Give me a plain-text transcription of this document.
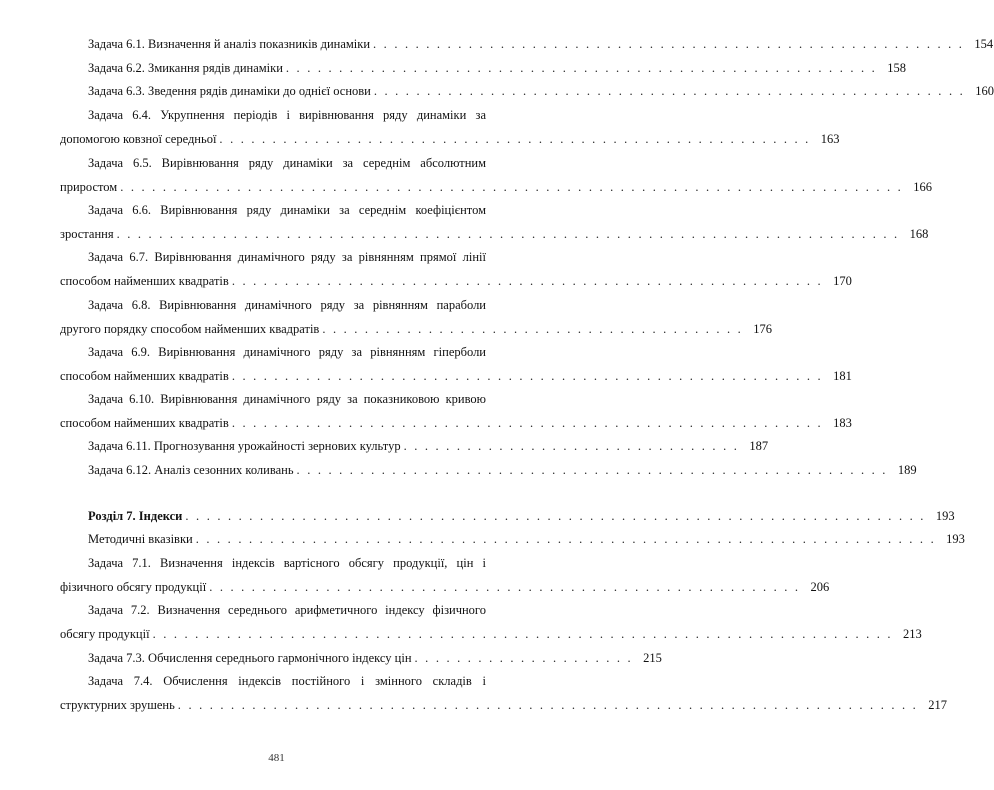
Задача 6.1. Визначення й аналіз показників динаміки . . . . . . . . . . . . . . . . . . . . . . . . . . . . . . . . . . . . . . . . . . . . . . . . . . . . . . . . 154
Задача 6.2. Змикання рядів динаміки . . . . . . . . . . . . . . . . . . . . . . . . . . . . . . . . . . . . . . . . . . . . . . . . . . . . . . . . 158
Задача 6.3. Зведення рядів динаміки до однієї основи . . . . . . . . . . . . . . . . . . . . . . . . . . . . . . . . . . . . . . . . . . . . . . . . . . . . . . . . 160
Задача 6.4. Укрупнення періодів і вирівнювання ряду динаміки за
допомогою ковзної середньої . . . . . . . . . . . . . . . . . . . . . . . . . . . . . . . . . . . . . . . . . . . . . . . . . . . . . . . . 163
Задача 6.5. Вирівнювання ряду динаміки за середнім абсолютним
приростом . . . . . . . . . . . . . . . . . . . . . . . . . . . . . . . . . . . . . . . . . . . . . . . . . . . . . . . . . . . . . . . . . . . . . . . . . . 166
Задача 6.6. Вирівнювання ряду динаміки за середнім коефіцієнтом
зростання . . . . . . . . . . . . . . . . . . . . . . . . . . . . . . . . . . . . . . . . . . . . . . . . . . . . . . . . . . . . . . . . . . . . . . . . . . 168
Задача 6.7. Вирівнювання динамічного ряду за рівнянням прямої лінії
способом найменших квадратів . . . . . . . . . . . . . . . . . . . . . . . . . . . . . . . . . . . . . . . . . . . . . . . . . . . . . . . . 170
Задача 6.8. Вирівнювання динамічного ряду за рівнянням параболи
другого порядку способом найменших квадратів . . . . . . . . . . . . . . . . . . . . . . . . . . . . . . . . . . . . . . . . 176
Задача 6.9. Вирівнювання динамічного ряду за рівнянням гіперболи
способом найменших квадратів . . . . . . . . . . . . . . . . . . . . . . . . . . . . . . . . . . . . . . . . . . . . . . . . . . . . . . . . 181
Задача 6.10. Вирівнювання динамічного ряду за показниковою кривою
способом найменших квадратів . . . . . . . . . . . . . . . . . . . . . . . . . . . . . . . . . . . . . . . . . . . . . . . . . . . . . . . . 183
Задача 6.11. Прогнозування урожайності зернових культур . . . . . . . . . . . . . . . . . . . . . . . . . . . . . . . . 187
Задача 6.12. Аналіз сезонних коливань . . . . . . . . . . . . . . . . . . . . . . . . . . . . . . . . . . . . . . . . . . . . . . . . . . . . . . . . 189
Розділ 7. Індекси . . . . . . . . . . . . . . . . . . . . . . . . . . . . . . . . . . . . . . . . . . . . . . . . . . . . . . . . . . . . . . . . . . . . . . 193
Методичні вказівки . . . . . . . . . . . . . . . . . . . . . . . . . . . . . . . . . . . . . . . . . . . . . . . . . . . . . . . . . . . . . . . . . . . . . . 193
Задача 7.1. Визначення індексів вартісного обсягу продукції, цін і
фізичного обсягу продукції . . . . . . . . . . . . . . . . . . . . . . . . . . . . . . . . . . . . . . . . . . . . . . . . . . . . . . . . 206
Задача 7.2. Визначення середнього арифметичного індексу фізичного
обсягу продукції . . . . . . . . . . . . . . . . . . . . . . . . . . . . . . . . . . . . . . . . . . . . . . . . . . . . . . . . . . . . . . . . . . . . . . 213
Задача 7.3. Обчислення середнього гармонічного індексу цін . . . . . . . . . . . . . . . . . . . . . 215
Задача 7.4. Обчислення індексів постійного і змінного складів і
структурних зрушень . . . . . . . . . . . . . . . . . . . . . . . . . . . . . . . . . . . . . . . . . . . . . . . . . . . . . . . . . . . . . . . . . . . . . . 217
481
